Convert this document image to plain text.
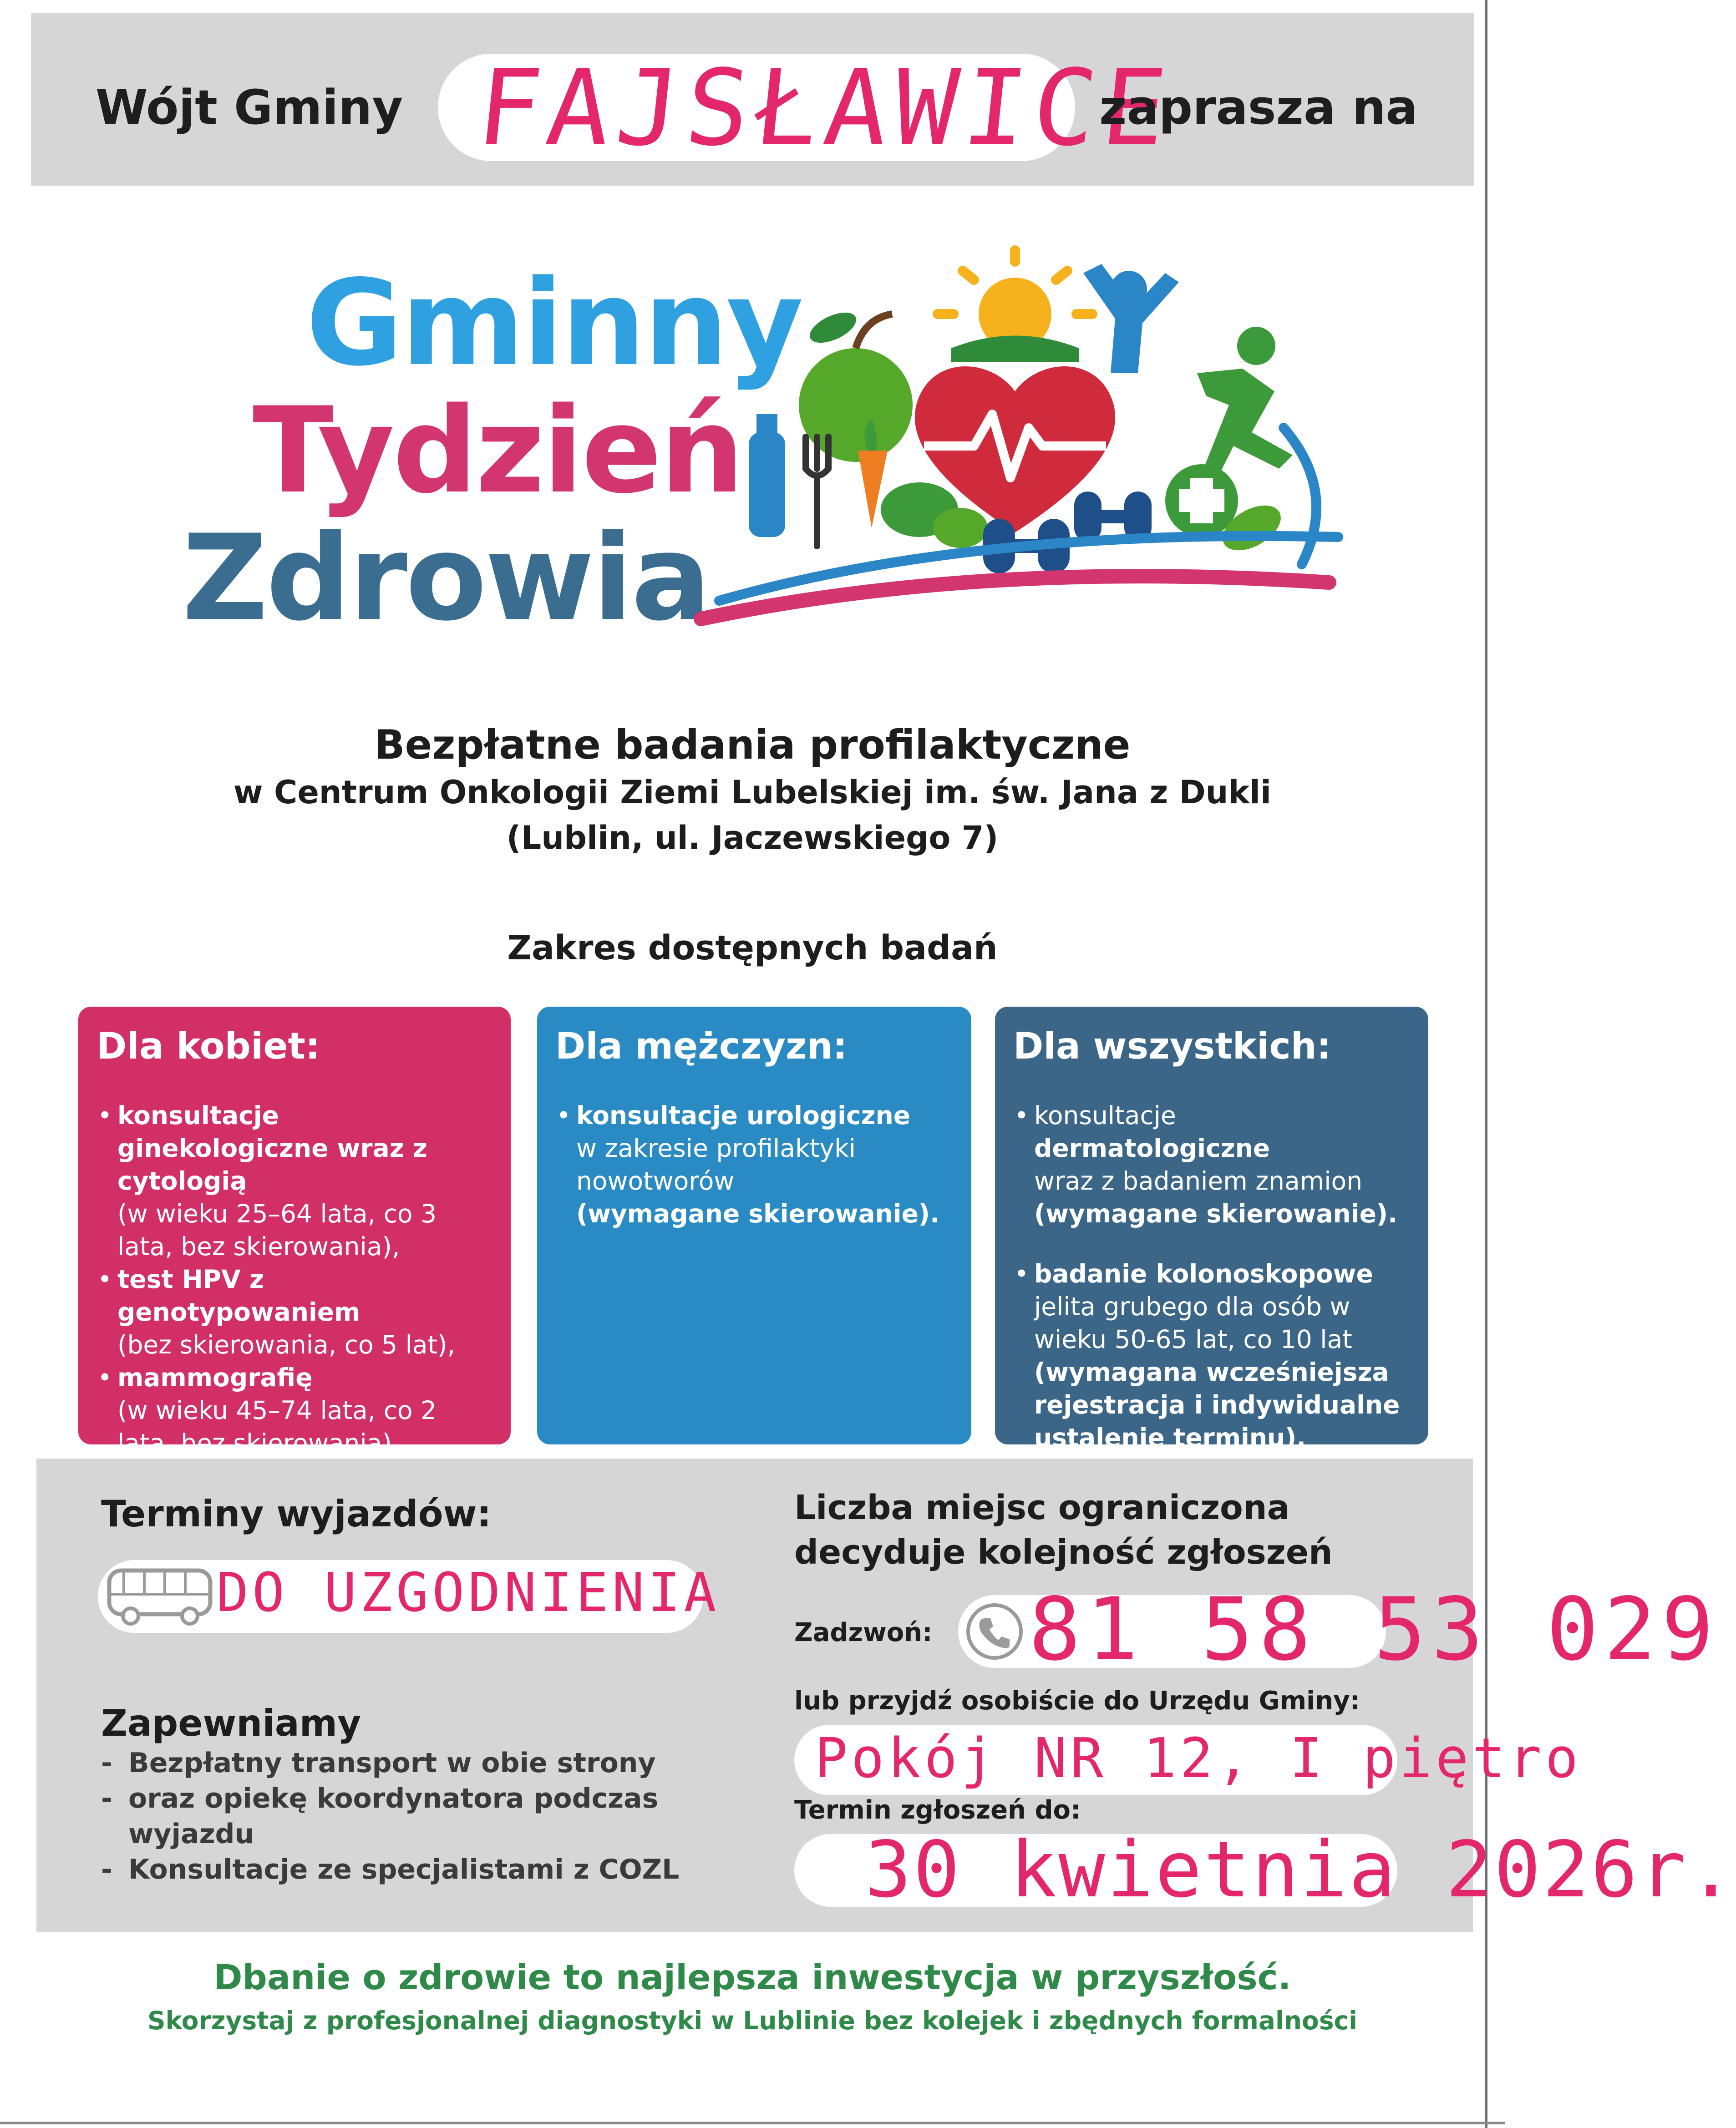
Wójt Gminy FAJSŁAWICE
zaprasza na
Gminny
Tydzień
Zdrowia
Bezpłatne badania profilaktyczne
w Centrum Onkologii Ziemi Lubelskiej im. św. Jana z Dukli
(Lublin, ul. Jaczewskiego 7)
Zakres dostępnych badań
Dla kobiet:
• konsultacje ginekologiczne wraz z cytologią
(w wieku 25–64 lata, co 3 lata, bez skierowania),
• test HPV z genotypowaniem
(bez skierowania, co 5 lat),
• mammografię
(w wieku 45–74 lata, co 2 lata, bez skierowania).
Dla mężczyzn:
• konsultacje urologiczne
w zakresie profilaktyki nowotworów
(wymagane skierowanie).
Dla wszystkich:
• konsultacje dermatologiczne
wraz z badaniem znamion
(wymagane skierowanie).
• badanie kolonoskopowe
jelita grubego dla osób w wieku 50-65 lat, co 10 lat
(wymagana wcześniejsza rejestracja i indywidualne ustalenie terminu).
Terminy wyjazdów:
DO UZGODNIENIA
Zapewniamy
- Bezpłatny transport w obie strony
- oraz opiekę koordynatora podczas wyjazdu
- Konsultacje ze specjalistami z COZL
Liczba miejsc ograniczona
decyduje kolejność zgłoszeń
Zadzwoń: 81 58 53 029
lub przyjdź osobiście do Urzędu Gminy:
Pokój NR 12, I piętro
Termin zgłoszeń do:
30 kwietnia 2026r.
Dbanie o zdrowie to najlepsza inwestycja w przyszłość.
Skorzystaj z profesjonalnej diagnostyki w Lublinie bez kolejek i zbędnych formalności
